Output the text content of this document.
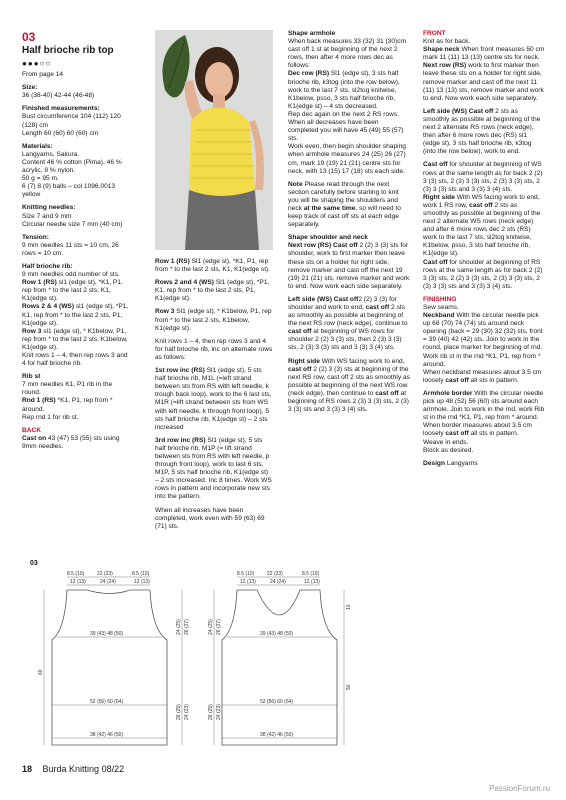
03
Half brioche rib top
●●●○○

From page 14

Size:

36 (38-40) 42-44 (46-48)

Finished measurements:

Bust circumference 104 (112) 120 (128) cm
Length 60 (60) 60 (60) cm

Materials:

Langyarns, Sakura.
Content 46 % cotton (Pima), 46 % acrylic, 8 % nylon.
50 g = 95 m.
6 (7) 8 (9) balls – col 1096.0013 yellow

Knitting needles:

Size 7 and 9 mm
Circular needle size 7 mm (40 cm)

Tension:

9 mm needles 11 sts = 10 cm, 26 rows = 10 cm.

Half brioche rib:
9 mm needles odd number of sts.
Row 1 (RS) sl1 (edge st), *K1, P1, rep from * to the last 2 sts, K1, K1(edge st).
Rows 2 & 4 (WS) sl1 (edge st), *P1, K1, rep from * to the last 2 sts, P1, K1(edge st).
Row 3 sl1 (edge st), * K1below, P1, rep from * to the last 2 sts, K1below, K1(edge st).

Knit rows 1 – 4, then rep rows 3 and 4 for half brioche rib.

Rib st
7 mm needles K1, P1 rib in the round.
Rnd 1 (RS) *K1, P1, rep from * around.

Rep rnd 1 for rib st.

BACK

Cast on 43 (47) 53 (55) sts using 9mm needles.

Row 1 (RS) Sl1 (edge st), *K1, P1, rep from * to the last 2 sts, K1, K1(edge st).

Rows 2 and 4 (WS) Sl1 (edge st), *P1, K1, rep from * to the last 2 sts, P1, K1(edge st).

Row 3 Sl1 (edge st), * K1below, P1, rep from * to the last 2 sts, K1below, K1(edge st).

Knit rows 1 – 4, then rep rows 3 and 4 for half brioche rib, inc on alternate rows as follows:

1st row inc (RS) Sl1 (edge st), 5 sts half brioche rib, M1L (=left strand between sts from RS with left needle, k trough back loop), work to the 6 last sts, M1R (=lift strand between sts from WS with left needle, k through front loop), 5 sts half brioche rib, K1(edge st) – 2 sts increased

3rd row inc (RS) Sl1 (edge st), 5 sts half brioche rib, M1P (= lift strand between sts from RS with left needle, p through front loop), work to last 6 sts, M1P, 5 sts half brioche rib, K1(edge st) – 2 sts increased. Inc 8 times. Work WS rows in pattern and incorporate new sts into the pattern.

When all increases have been completed, work even with 59 (63) 69 (71) sts.

Shape armhole
When back measures 33 (32) 31 (30)cm cast off 1 st at beginning of the next 2 rows, then after 4 more rows dec as follows:
Dec row (RS) Sl1 (edge st), 3 sts half brioche rib, k3tog (into the row below), work to the last 7 sts, sl2tog knitwise, K1below, psso, 3 sts half brioche rib, K1(edge st) – 4 sts decreased.
Rep dec again on the next 2 RS rows.
When all decreases have been completed you will have 45 (49) 55 (57) sts.

Work even, then begin shoulder shaping when armhole measures 24 (25) 26 (27) cm, mark 19 (19) 21 (21) centre sts for neck, with 13 (15) 17 (18) sts each side.

Note Please read through the next section carefully before starting to knit you will be shaping the shoulders and neck at the same time, so will need to keep track of cast off sts at each edge separately.

Shape shoulder and neck

Next row (RS) Cast off 2 (2) 3 (3) sts for shoulder, work to first marker then leave these sts on a holder for right side, remove marker and cast off the next 19 (19) 21 (21) sts, remove marker and work to end. Now work each side separately.

Left side (WS) Cast off2 (2) 3 (3) for shoulder and work to end, cast off 2 sts as smoothly as possible at beginning of the next RS row (neck edge), continue to cast off at beginning of WS rows for shoulder 2 (2) 3 (3) sts, then 2 (3) 3 (3) sts, 2 (3) 3 (3) sts and 3 (3) 3 (4) sts.

Right side With WS facing work to end, cast off 2 (2) 3 (3) sts at beginning of the next RS row, cast off 2 sts as smoothly as possible at beginning of the next WS row (neck edge), then continue to cast off at beginning of RS rows 2 (3) 3 (3) sts, 2 (3) 3 (3) sts and 3 (3) 3 (4) sts.

FRONT
Knit as for back.
Shape neck When front measures 50 cm mark 11 (11) 13 (13) centre sts for neck.

Next row (RS) work to first marker then leave these sts on a holder for right side, remove marker and cast off the next 11 (11) 13 (13) sts, remove marker and work to end. Now work each side separately.

Left side (WS) Cast off 2 sts as smoothly as possible at beginning of the next 2 alternate RS rows (neck edge), then after 6 more rows dec (RS) sl1 (edge st), 3 sts half brioche rib, k3tog (into the row below), work to end.

Cast off for shoulder at beginning of WS rows at the same length as for back 2 (2) 3 (3) sts, 2 (3) 3 (3) sts, 2 (3) 3 (3) sts, 2 (3) 3 (3) sts and 3 (3) 3 (4) sts.
Right side With WS facing work to end, work 1 RS row, cast off 2 sts as smoothly as possible at beginning of the next 2 alternate WS rows (neck edge) and after 6 more rows dec 2 sts (RS) work to the last 7 sts, sl2tog knitwise, K1below, psso, 3 sts half brioche rib, K1(edge st).

Cast off for shoulder at beginning of RS rows at the same length as for back 2 (2) 3 (3) sts, 2 (2) 3 (3) sts, 2 (3) 3 (3) sts, 2 (3) 3 (3) sts and 3 (3) 3 (4) sts.

FINISHING
Sew seams.
Neckband With the circular needle pick up 68 (70) 74 (74) sts around neck opening (back = 29 (30) 32 (32) sts, front = 39 (40) 42 (42) sts. Join to work in the round, place marker for beginning of rnd. Work rib st in the rnd *K1, P1, rep from * around.

When neckband measures about 3.5 cm loosely cast off all sts in pattern.

Armhole border With the circular needle pick up 48 (52) 56 (60) sts around each armhole. Join to work in the rnd, work Rib st in the rnd *K1, P1, rep from * around.
When border measures about 3.5 cm loosely cast off all sts in pattern.
Weave in ends.

Block as desired.

Design Langyarns

03
8.5 (10)	22 (23)	8.5 (10)
12 (13)	24 (24)	12 (13)
39 (43) 48 (50)
52 (56) 60 (64)
38 (42) 46 (50)
60
24 (25) 26 (27)
26 (25) 24 (23)
8.5 (10)	22 (23)	8.5 (10)
12 (13)	24 (24)	12 (13)
39 (43) 48 (50)
52 (56) 60 (64)
38 (42) 46 (50)
24 (25) 26 (27)
26 (25) 24 (23)
10
50
18 Burda Knitting 08/22
PassionForum.ru
